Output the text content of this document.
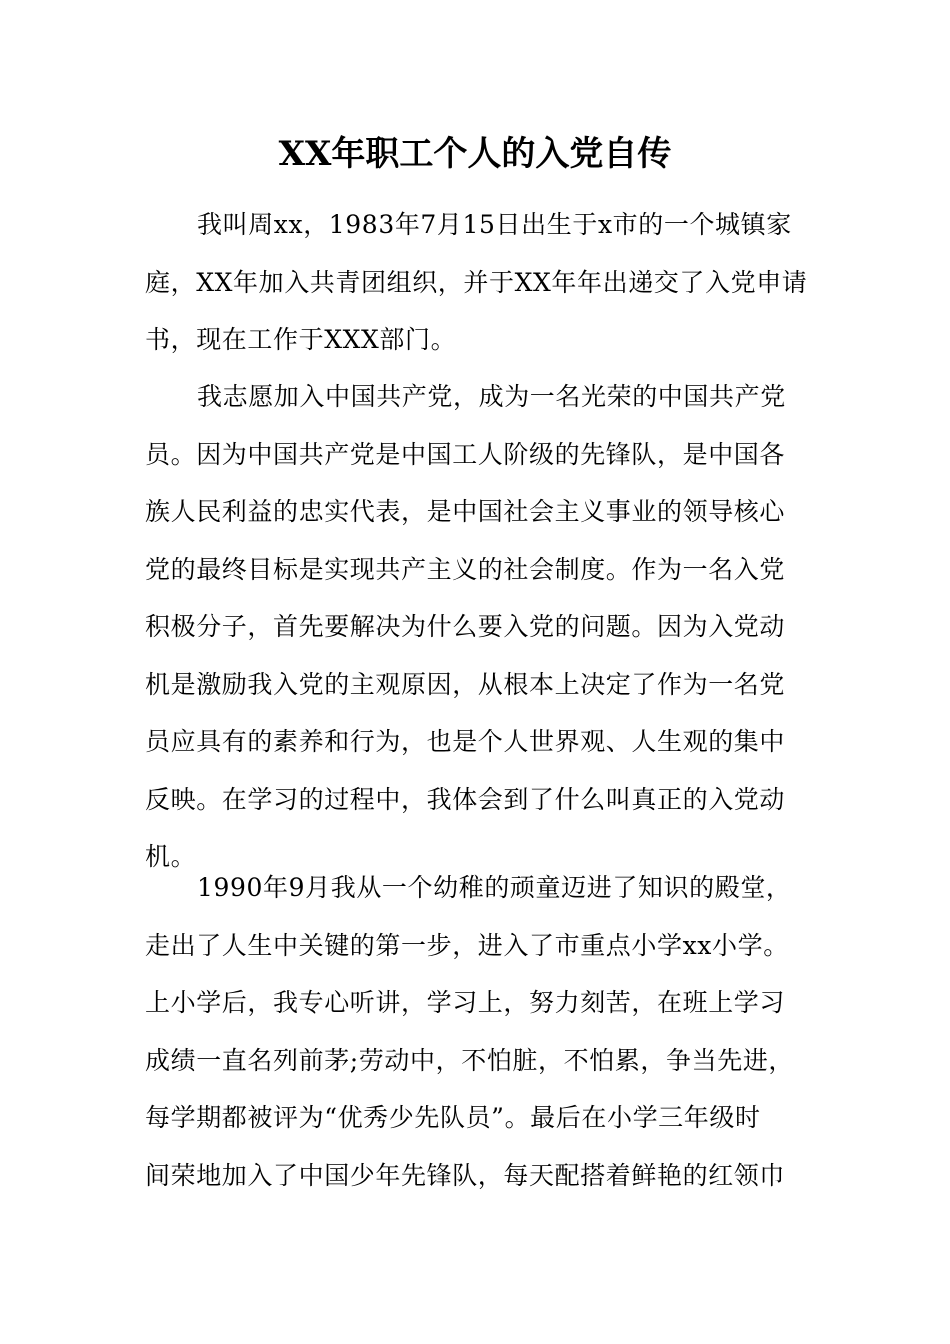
XX年职工个人的入党自传
我叫周xx，1983年7月15日出生于x市的一个城镇家
庭，XX年加入共青团组织，并于XX年年出递交了入党申请
书，现在工作于XXX部门。
我志愿加入中国共产党，成为一名光荣的中国共产党
员。因为中国共产党是中国工人阶级的先锋队，是中国各
族人民利益的忠实代表，是中国社会主义事业的领导核心
党的最终目标是实现共产主义的社会制度。作为一名入党
积极分子，首先要解决为什么要入党的问题。因为入党动
机是激励我入党的主观原因，从根本上决定了作为一名党
员应具有的素养和行为，也是个人世界观、人生观的集中
反映。在学习的过程中，我体会到了什么叫真正的入党动
机。
1990年9月我从一个幼稚的顽童迈进了知识的殿堂，
走出了人生中关键的第一步，进入了市重点小学xx小学。
上小学后，我专心听讲，学习上，努力刻苦，在班上学习
成绩一直名列前茅;劳动中，不怕脏，不怕累，争当先进，
每学期都被评为“优秀少先队员”。最后在小学三年级时
间荣地加入了中国少年先锋队，每天配搭着鲜艳的红领巾
